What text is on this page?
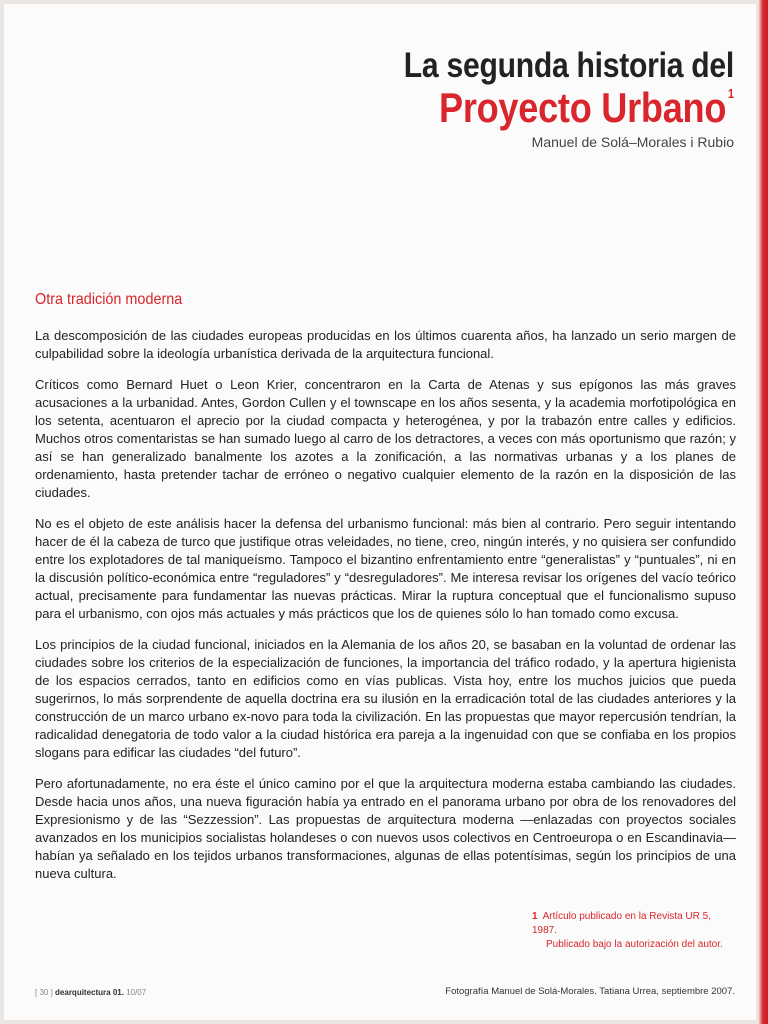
La segunda historia del
Proyecto Urbano $^1$
Manuel de Solá–Morales i Rubio
Otra tradición moderna

La descomposición de las ciudades europeas producidas en los últimos cuarenta años, ha lanzado un serio margen de culpabilidad sobre la ideología urbanística derivada de la arquitectura funcional.

Críticos como Bernard Huet o Leon Krier, concentraron en la Carta de Atenas y sus epígonos las más graves acusaciones a la urbanidad. Antes, Gordon Cullen y el townscape en los años sesenta, y la academia morfotipológica en los setenta, acentuaron el aprecio por la ciudad compacta y heterogénea, y por la trabazón entre calles y edificios. Muchos otros comentaristas se han sumado luego al carro de los detractores, a veces con más oportunismo que razón; y así se han generalizado banalmente los azotes a la zonificación, a las normativas urbanas y a los planes de ordenamiento, hasta pretender tachar de erróneo o negativo cualquier elemento de la razón en la disposición de las ciudades.

No es el objeto de este análisis hacer la defensa del urbanismo funcional: más bien al contrario. Pero seguir intentando hacer de él la cabeza de turco que justifique otras veleidades, no tiene, creo, ningún interés, y no quisiera ser confundido entre los explotadores de tal maniqueísmo. Tampoco el bizantino enfrentamiento entre “generalistas” y “puntuales”, ni en la discusión político-económica entre “reguladores” y “desreguladores”. Me interesa revisar los orígenes del vacío teórico actual, precisamente para fundamentar las nuevas prácticas. Mirar la ruptura conceptual que el funcionalismo supuso para el urbanismo, con ojos más actuales y más prácticos que los de quienes sólo lo han tomado como excusa.

Los principios de la ciudad funcional, iniciados en la Alemania de los años 20, se basaban en la voluntad de ordenar las ciudades sobre los criterios de la especialización de funciones, la importancia del tráfico rodado, y la apertura higienista de los espacios cerrados, tanto en edificios como en vías publicas. Vista hoy, entre los muchos juicios que pueda sugerirnos, lo más sorprendente de aquella doctrina era su ilusión en la erradicación total de las ciudades anteriores y la construcción de un marco urbano ex-novo para toda la civilización. En las propuestas que mayor repercusión tendrían, la radicalidad denegatoria de todo valor a la ciudad histórica era pareja a la ingenuidad con que se confiaba en los propios slogans para edificar las ciudades “del futuro”.

Pero afortunadamente, no era éste el único camino por el que la arquitectura moderna estaba cambiando las ciudades. Desde hacia unos años, una nueva figuración había ya entrado en el panorama urbano por obra de los renovadores del Expresionismo y de las “Sezzession”. Las propuestas de arquitectura moderna —enlazadas con proyectos sociales avanzados en los municipios socialistas holandeses o con nuevos usos colectivos en Centroeuropa o en Escandinavia— habían ya señalado en los tejidos urbanos transformaciones, algunas de ellas potentísimas, según los principios de una nueva cultura.

1 Artículo publicado en la Revista UR 5, 1987.
Publicado bajo la autorización del autor.
[ 30 ] dearquitectura 01. 10/07	Fotografía Manuel de Solá-Morales. Tatiana Urrea, septiembre 2007.
